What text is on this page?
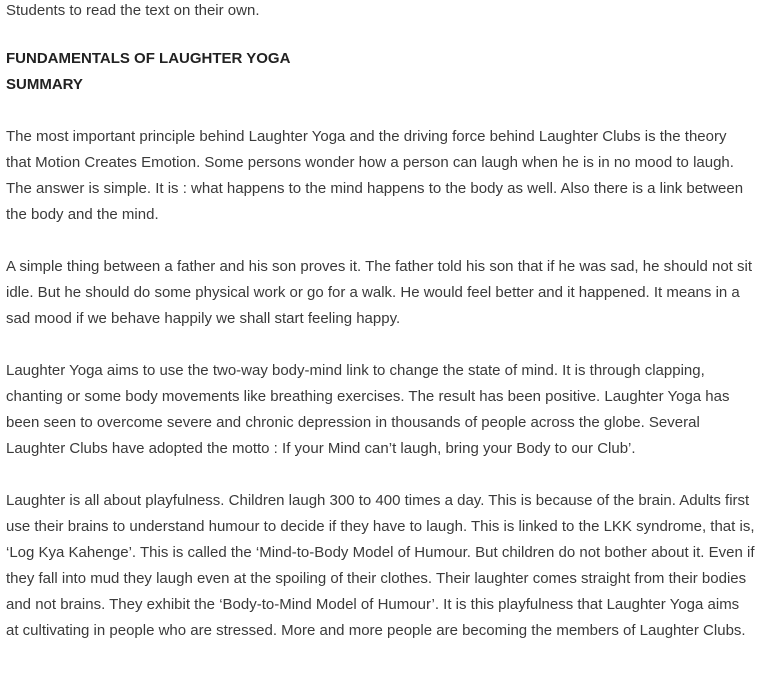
Students to read the text on their own.

FUNDAMENTALS OF LAUGHTER YOGA

SUMMARY

The most important principle behind Laughter Yoga and the driving force behind Laughter Clubs is the theory that Motion Creates Emotion. Some persons wonder how a person can laugh when he is in no mood to laugh. The answer is simple. It is : what happens to the mind happens to the body as well. Also there is a link between the body and the mind.

A simple thing between a father and his son proves it. The father told his son that if he was sad, he should not sit idle. But he should do some physical work or go for a walk. He would feel better and it happened. It means in a sad mood if we behave happily we shall start feeling happy.

Laughter Yoga aims to use the two-way body-mind link to change the state of mind. It is through clapping, chanting or some body movements like breathing exercises. The result has been positive. Laughter Yoga has been seen to overcome severe and chronic depression in thousands of people across the globe. Several Laughter Clubs have adopted the motto : If your Mind can’t laugh, bring your Body to our Club’.

Laughter is all about playfulness. Children laugh 300 to 400 times a day. This is because of the brain. Adults first use their brains to understand humour to decide if they have to laugh. This is linked to the LKK syndrome, that is, ‘Log Kya Kahenge’. This is called the ‘Mind-to-Body Model of Humour. But children do not bother about it. Even if they fall into mud they laugh even at the spoiling of their clothes. Their laughter comes straight from their bodies and not brains. They exhibit the ‘Body-to-Mind Model of Humour’. It is this playfulness that Laughter Yoga aims at cultivating in people who are stressed. More and more people are becoming the members of Laughter Clubs.
